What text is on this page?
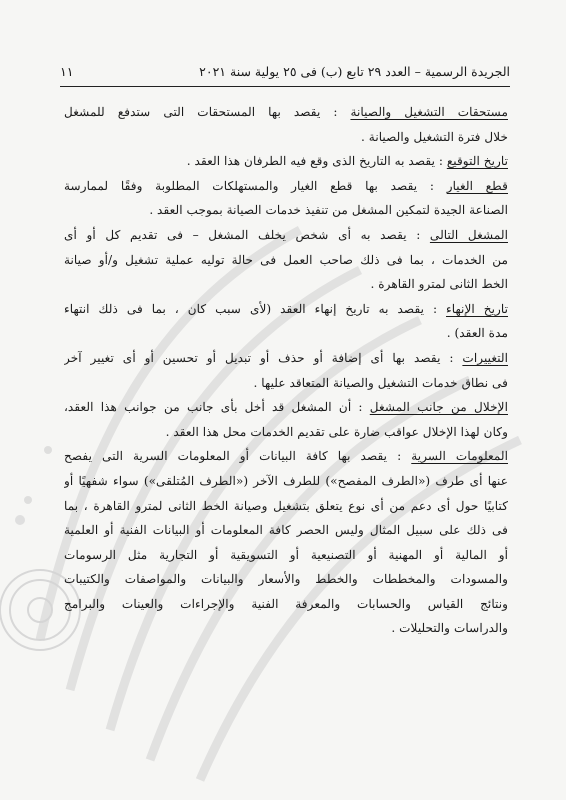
الجريدة الرسمية – العدد ٢٩ تابع (ب) فى ٢٥ يولية سنة ٢٠٢١
١١
مستحقات التشغيل والصيانة : يقصد بها المستحقات التى ستدفع للمشغل
خلال فترة التشغيل والصيانة .
تاريخ التوقيع : يقصد به التاريخ الذى وقع فيه الطرفان هذا العقد .
قطع الغيار : يقصد بها قطع الغيار والمستهلكات المطلوبة وفقًا لممارسة
الصناعة الجيدة لتمكين المشغل من تنفيذ خدمات الصيانة بموجب العقد .
المشغل التالى : يقصد به أى شخص يخلف المشغل – فى تقديم كل أو أى
من الخدمات ، بما فى ذلك صاحب العمل فى حالة توليه عملية تشغيل و/أو صيانة
الخط الثانى لمترو القاهرة .
تاريخ الإنهاء : يقصد به تاريخ إنهاء العقد (لأى سبب كان ، بما فى ذلك انتهاء
مدة العقد) .
التغييرات : يقصد بها أى إضافة أو حذف أو تبديل أو تحسين أو أى تغيير آخر
فى نطاق خدمات التشغيل والصيانة المتعاقد عليها .
الإخلال من جانب المشغل : أن المشغل قد أخل بأى جانب من جوانب هذا العقد،
وكان لهذا الإخلال عواقب ضارة على تقديم الخدمات محل هذا العقد .
المعلومات السرية : يقصد بها كافة البيانات أو المعلومات السرية التى يفصح
عنها أى طرف («الطرف المفصح») للطرف الآخر («الطرف المُتلقى») سواء شفهيًا أو
كتابيًا حول أى دعم من أى نوع يتعلق بتشغيل وصيانة الخط الثانى لمترو القاهرة ، بما
فى ذلك على سبيل المثال وليس الحصر كافة المعلومات أو البيانات الفنية أو العلمية
أو المالية أو المهنية أو التصنيعية أو التسويقية أو التجارية مثل الرسومات
والمسودات والمخططات والخطط والأسعار والبيانات والمواصفات والكتيبات
ونتائج القياس والحسابات والمعرفة الفنية والإجراءات والعينات والبرامج
والدراسات والتحليلات .
